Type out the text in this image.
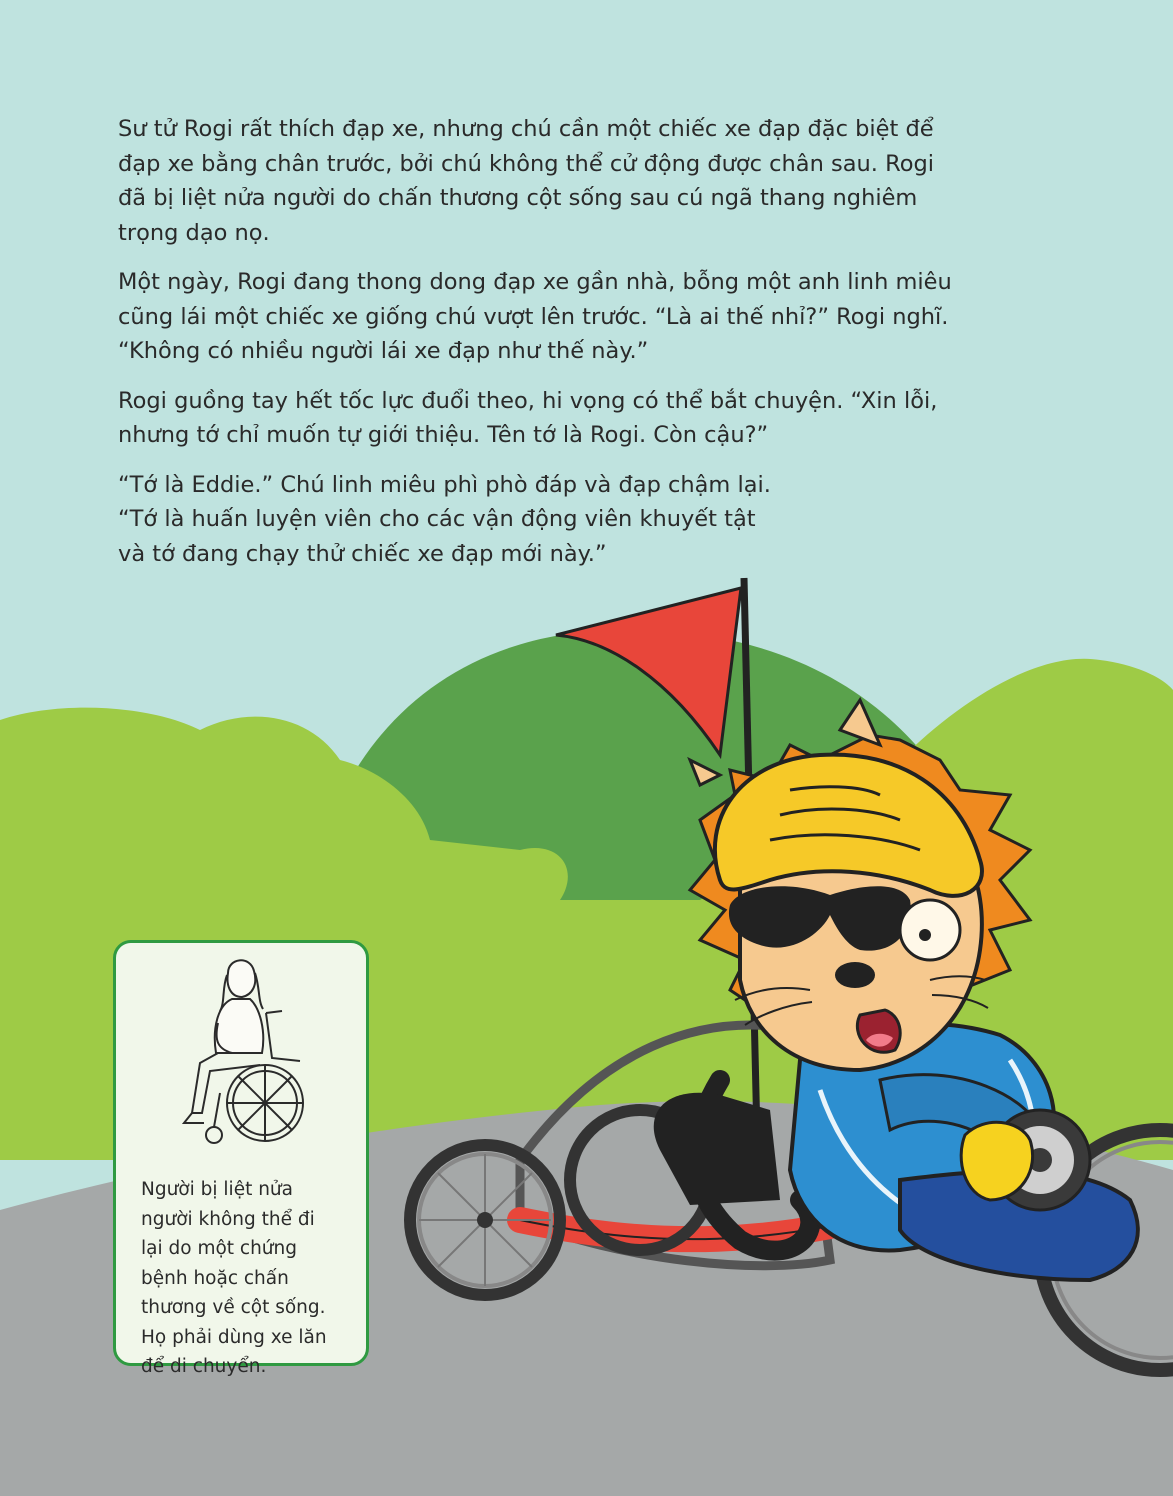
Sư tử Rogi rất thích đạp xe, nhưng chú cần một chiếc xe đạp đặc biệt để
đạp xe bằng chân trước, bởi chú không thể cử động được chân sau. Rogi
đã bị liệt nửa người do chấn thương cột sống sau cú ngã thang nghiêm
trọng dạo nọ.

Một ngày, Rogi đang thong dong đạp xe gần nhà, bỗng một anh linh miêu
cũng lái một chiếc xe giống chú vượt lên trước. “Là ai thế nhỉ?” Rogi nghĩ.
“Không có nhiều người lái xe đạp như thế này.”

Rogi guồng tay hết tốc lực đuổi theo, hi vọng có thể bắt chuyện. “Xin lỗi,
nhưng tớ chỉ muốn tự giới thiệu. Tên tớ là Rogi. Còn cậu?”

“Tớ là Eddie.” Chú linh miêu phì phò đáp và đạp chậm lại.
“Tớ là huấn luyện viên cho các vận động viên khuyết tật
và tớ đang chạy thử chiếc xe đạp mới này.”

Người bị liệt nửa
người không thể đi
lại do một chứng
bệnh hoặc chấn
thương về cột sống.
Họ phải dùng xe lăn
để di chuyển.
